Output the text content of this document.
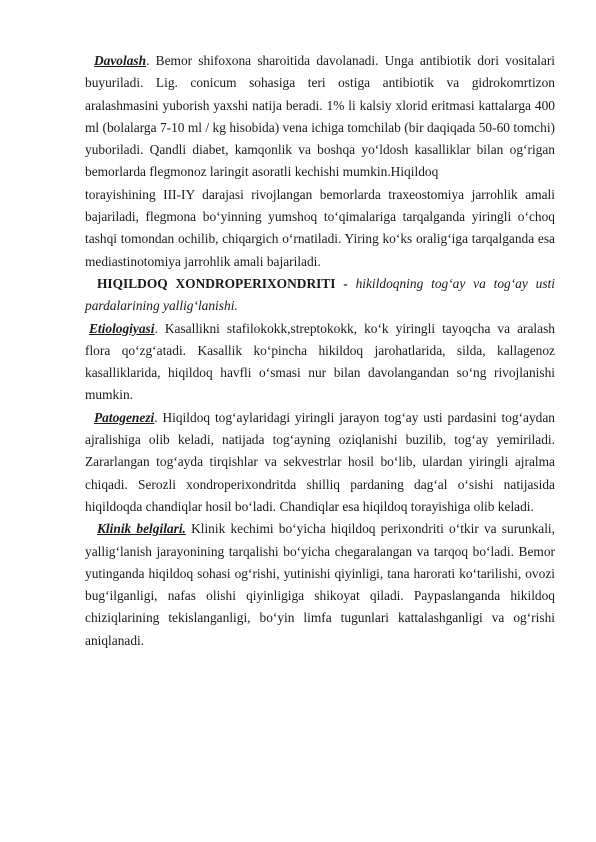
Davolash. Bemor shifoxona sharoitida davolanadi. Unga antibiotik dori vositalari buyuriladi. Lig. conicum sohasiga teri ostiga antibiotik va gidrokomrtizon aralashmasini yuborish yaxshi natija beradi. 1% li kalsiy xlorid eritmasi kattalarga 400 ml (bolalarga 7-10 ml / kg hisobida) vena ichiga tomchilab (bir daqiqada 50-60 tomchi) yuboriladi. Qandli diabet, kamqonlik va boshqa yo‘ldosh kasalliklar bilan og‘rigan bemorlarda flegmonoz laringit asoratli kechishi mumkin.Hiqildoq

torayishining III-IY darajasi rivojlangan bemorlarda traxeostomiya jarrohlik amali bajariladi, flegmona bo‘yinning yumshoq to‘qimalariga tarqalganda yiringli o‘choq tashqi tomondan ochilib, chiqargich o‘rnatiladi. Yiring ko‘ks oralig‘iga tarqalganda esa mediastinotomiya jarrohlik amali bajariladi.

HIQILDOQ XONDROPERIXONDRITI - hikildoqning tog‘ay va tog‘ay usti pardalarining yallig‘lanishi.

Etiologiyasi. Kasallikni stafilokokk,streptokokk, ko‘k yiringli tayoqcha va aralash flora qo‘zg‘atadi. Kasallik ko‘pincha hikildoq jarohatlarida, silda, kallagenoz kasalliklarida, hiqildoq havfli o‘smasi nur bilan davolangandan so‘ng rivojlanishi mumkin.

Patogenezi. Hiqildoq tog‘aylaridagi yiringli jarayon tog‘ay usti pardasini tog‘aydan ajralishiga olib keladi, natijada tog‘ayning oziqlanishi buzilib, tog‘ay yemiriladi. Zararlangan tog‘ayda tirqishlar va sekvestrlar hosil bo‘lib, ulardan yiringli ajralma chiqadi. Serozli xondroperixondritda shilliq pardaning dag‘al o‘sishi natijasida hiqildoqda chandiqlar hosil bo‘ladi. Chandiqlar esa hiqildoq torayishiga olib keladi.

Klinik belgilari. Klinik kechimi bo‘yicha hiqildoq perixondriti o‘tkir va surunkali, yallig‘lanish jarayonining tarqalishi bo‘yicha chegaralangan va tarqoq bo‘ladi. Bemor yutinganda hiqildoq sohasi og‘rishi, yutinishi qiyinligi, tana harorati ko‘tarilishi, ovozi bug‘ilganligi, nafas olishi qiyinligiga shikoyat qiladi. Paypaslanganda hikildoq chiziqlarining tekislanganligi, bo‘yin limfa tugunlari kattalashganligi va og‘rishi aniqlanadi.
